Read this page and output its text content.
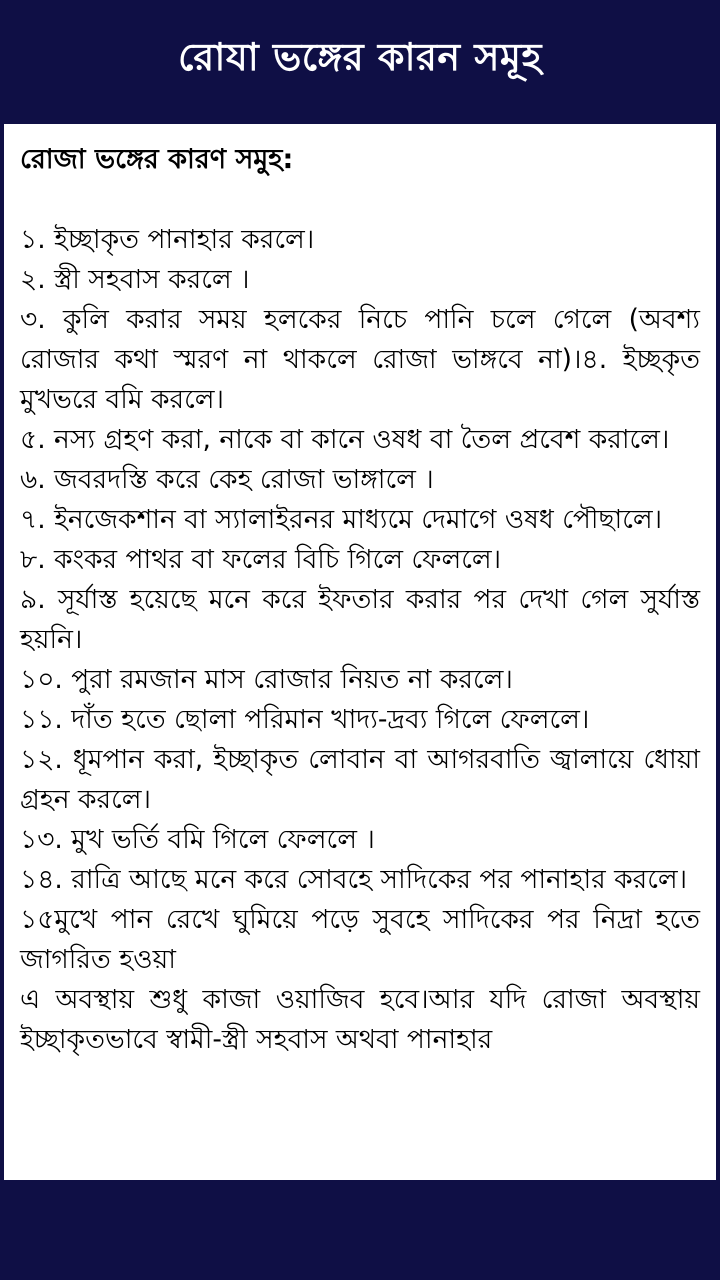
রোযা ভঙ্গের কারন সমূহ

রোজা ভঙ্গের কারণ সমুহ:

১. ইচ্ছাকৃত পানাহার করলে।

২. স্ত্রী সহবাস করলে ।

৩. কুলি করার সময় হলকের নিচে পানি চলে গেলে (অবশ্য রোজার কথা স্মরণ না থাকলে রোজা ভাঙ্গবে না)।৪. ইচ্ছকৃত মুখভরে বমি করলে।

৫. নস্য গ্রহণ করা, নাকে বা কানে ওষধ বা তৈল প্রবেশ করালে।

৬. জবরদস্তি করে কেহ রোজা ভাঙ্গালে ।

৭. ইনজেকশান বা স্যালাইরনর মাধ্যমে দেমাগে ওষধ পৌছালে।

৮. কংকর পাথর বা ফলের বিচি গিলে ফেললে।

৯. সূর্যাস্ত হয়েছে মনে করে ইফতার করার পর দেখা গেল সুর্যাস্ত হয়নি।

১০. পুরা রমজান মাস রোজার নিয়ত না করলে।

১১. দাঁত হতে ছোলা পরিমান খাদ্য-দ্রব্য গিলে ফেললে।

১২. ধূমপান করা, ইচ্ছাকৃত লোবান বা আগরবাতি জ্বালায়ে ধোয়া গ্রহন করলে।

১৩. মুখ ভর্তি বমি গিলে ফেললে ।

১৪. রাত্রি আছে মনে করে সোবহে সাদিকের পর পানাহার করলে।

১৫মুখে পান রেখে ঘুমিয়ে পড়ে সুবহে সাদিকের পর নিদ্রা হতে জাগরিত হওয়া

এ অবস্থায় শুধু কাজা ওয়াজিব হবে।আর যদি রোজা অবস্থায় ইচ্ছাকৃতভাবে স্বামী-স্ত্রী সহবাস অথবা পানাহার
